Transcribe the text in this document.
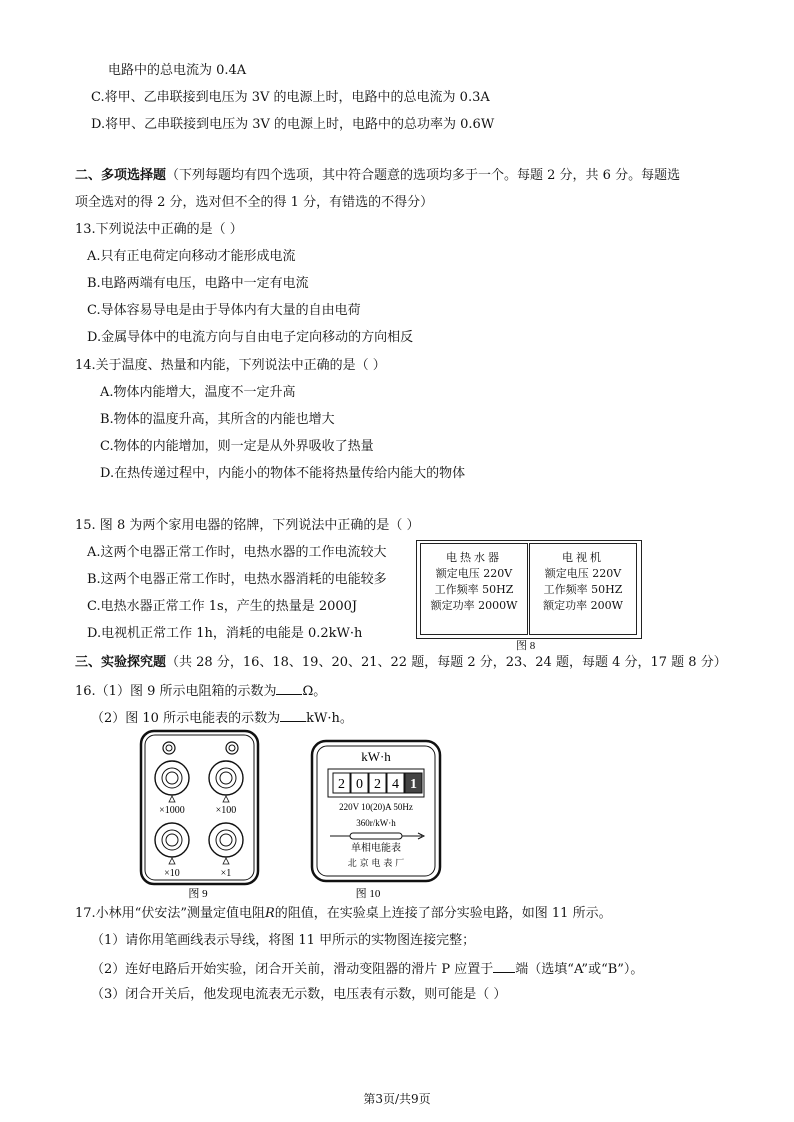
电路中的总电流为 0.4A
C.将甲、乙串联接到电压为 3V 的电源上时，电路中的总电流为 0.3A
D.将甲、乙串联接到电压为 3V 的电源上时，电路中的总功率为 0.6W
二、多项选择题（下列每题均有四个选项，其中符合题意的选项均多于一个。每题 2 分，共 6 分。每题选
项全选对的得 2 分，选对但不全的得 1 分，有错选的不得分）
13.下列说法中正确的是（ ）
A.只有正电荷定向移动才能形成电流
B.电路两端有电压，电路中一定有电流
C.导体容易导电是由于导体内有大量的自由电荷
D.金属导体中的电流方向与自由电子定向移动的方向相反
14.关于温度、热量和内能，下列说法中正确的是（ ）
A.物体内能增大，温度不一定升高
B.物体的温度升高，其所含的内能也增大
C.物体的内能增加，则一定是从外界吸收了热量
D.在热传递过程中，内能小的物体不能将热量传给内能大的物体
15. 图 8 为两个家用电器的铭牌，下列说法中正确的是（ ）
A.这两个电器正常工作时，电热水器的工作电流较大
B.这两个电器正常工作时，电热水器消耗的电能较多
C.电热水器正常工作 1s，产生的热量是 2000J
D.电视机正常工作 1h，消耗的电能是 0.2kW·h
电热水器
额定电压 220V
工作频率 50HZ
额定功率 2000W
电视机
额定电压 220V
工作频率 50HZ
额定功率 200W
图 8
三、实验探究题（共 28 分，16、18、19、20、21、22 题，每题 2 分，23、24 题，每题 4 分，17 题 8 分）
16.（1）图 9 所示电阻箱的示数为 Ω。
（2）图 10 所示电能表的示数为 kW·h。
×1000	×100
×10	×1
图 9
kW·h
2 0 2 4 1
220V 10(20)A 50Hz
360r/kW·h
单相电能表
北 京 电 表 厂
图 10
17.小林用“伏安法”测量定值电阻R的阻值，在实验桌上连接了部分实验电路，如图 11 所示。
（1）请你用笔画线表示导线，将图 11 甲所示的实物图连接完整；
（2）连好电路后开始实验，闭合开关前，滑动变阻器的滑片 P 应置于 端（选填“A”或“B”）。
（3）闭合开关后，他发现电流表无示数，电压表有示数，则可能是（ ）
第3页/共9页
